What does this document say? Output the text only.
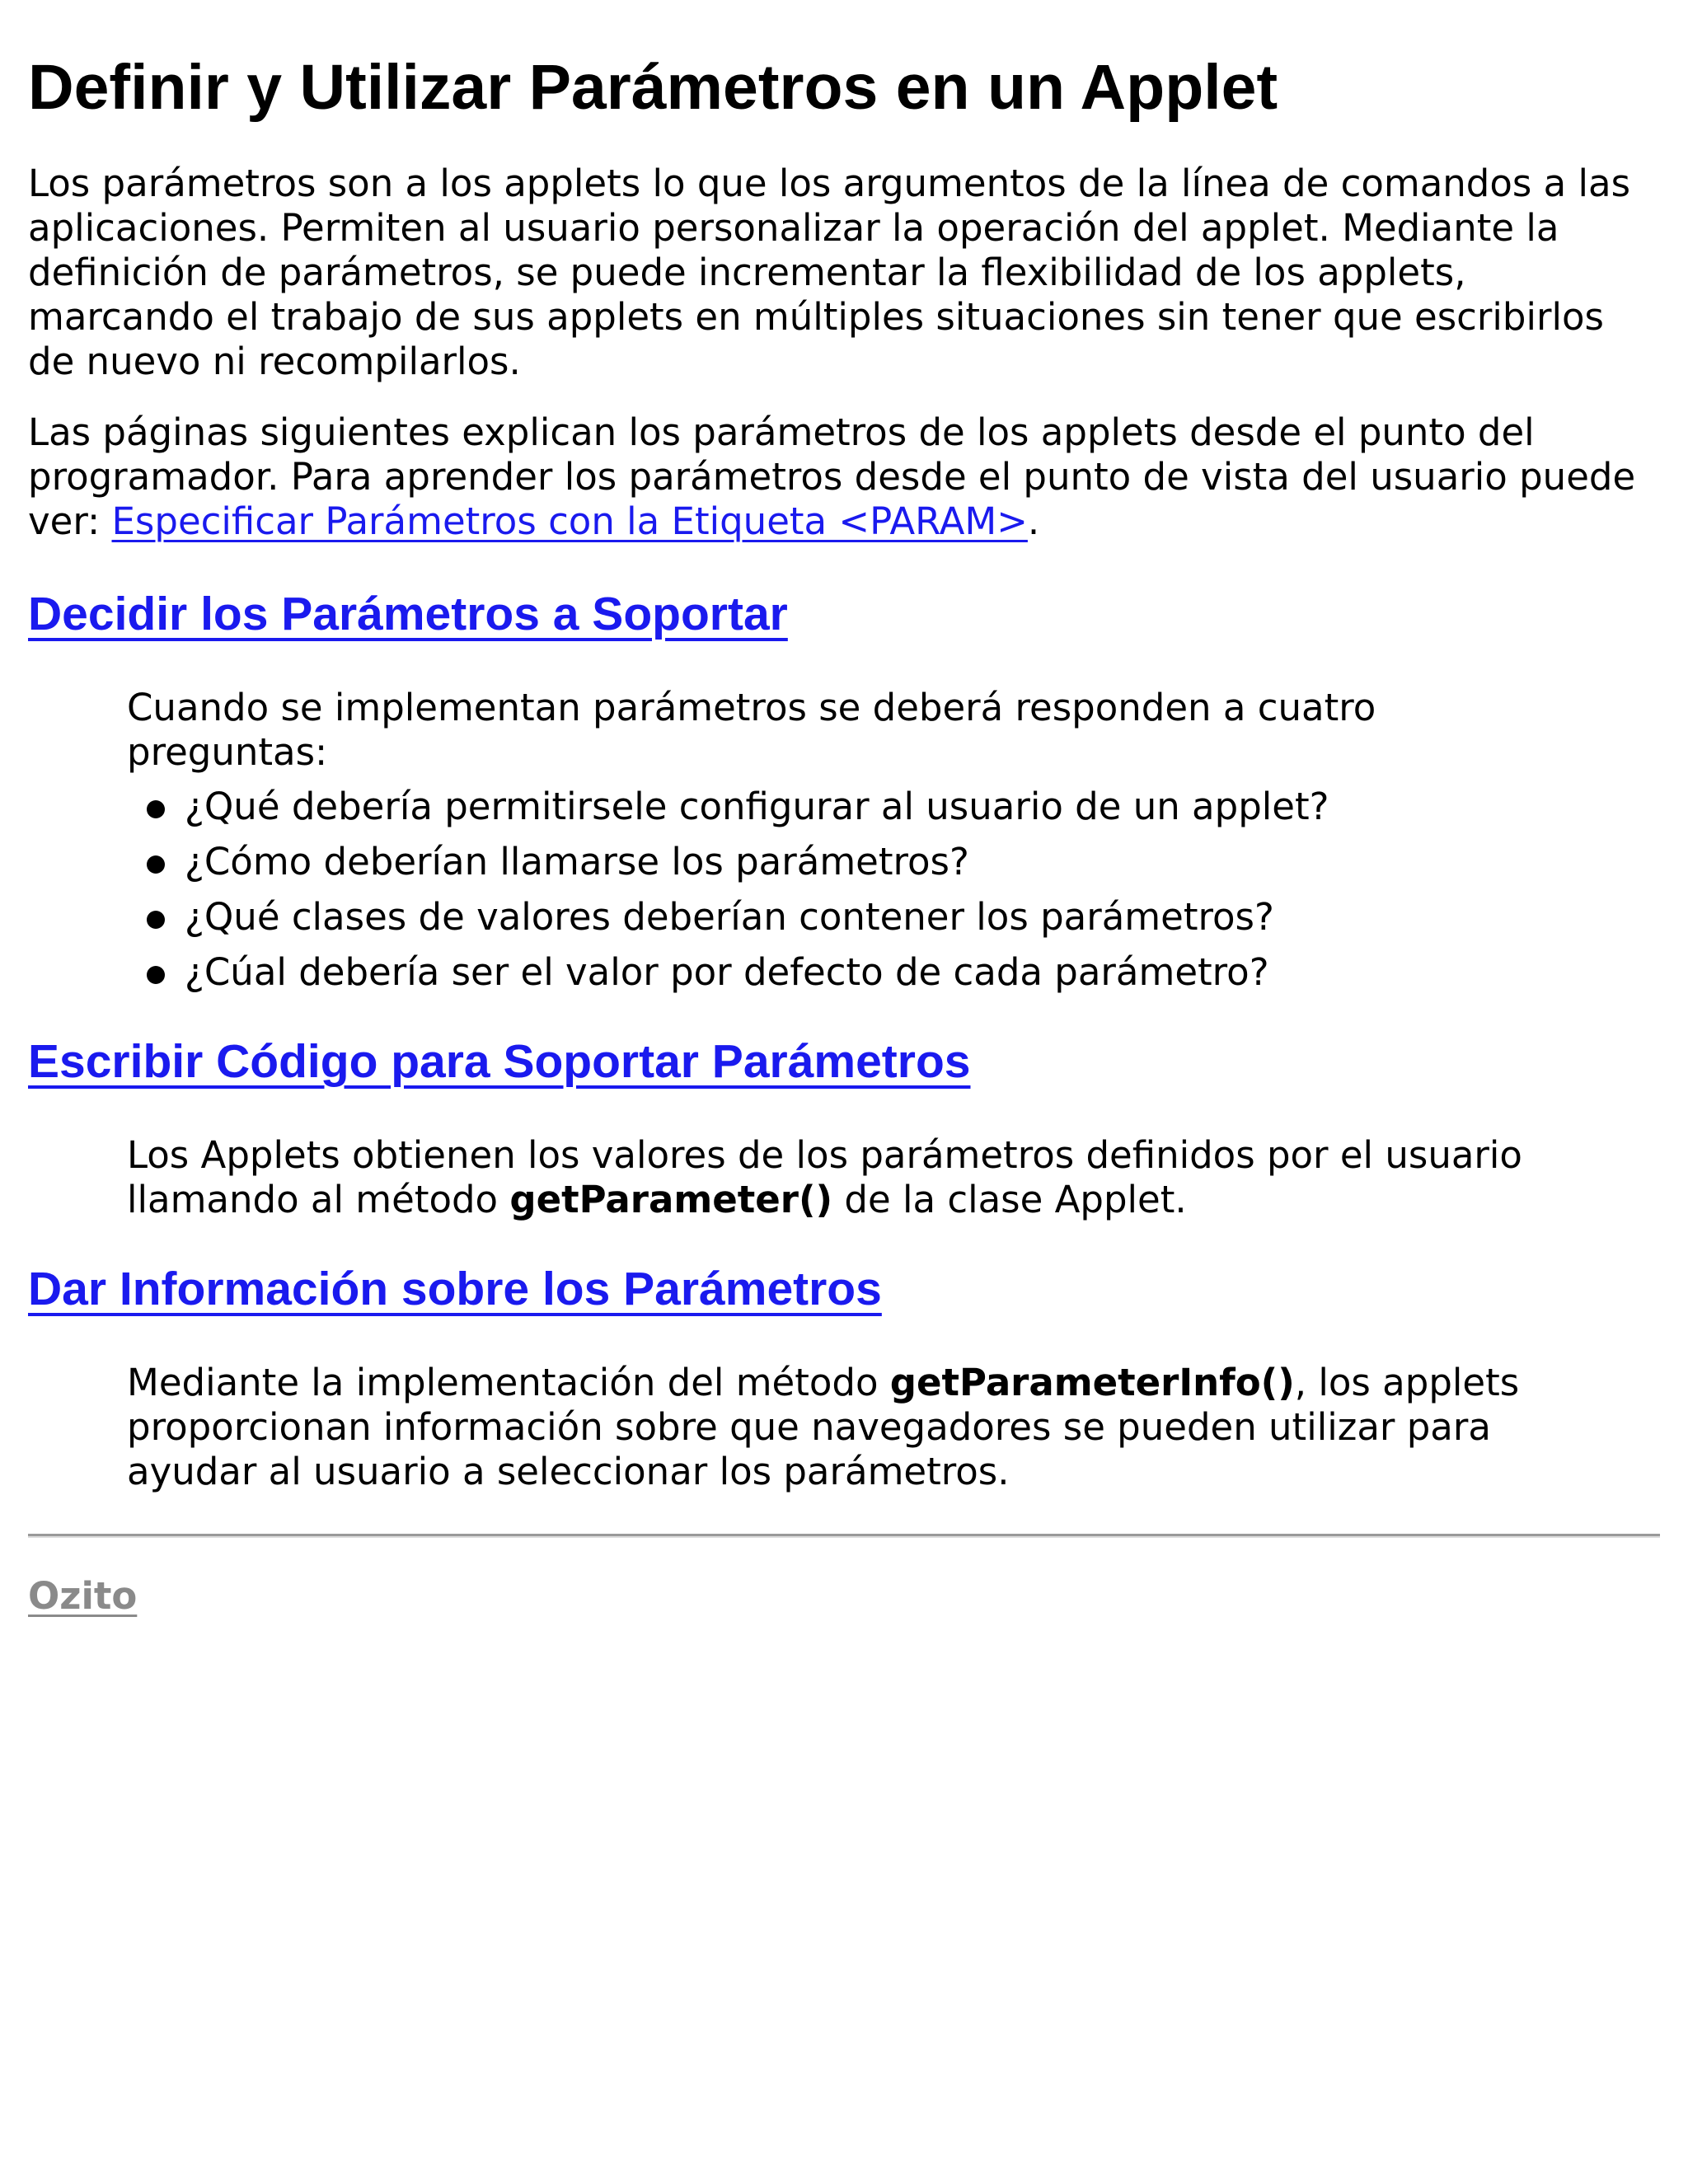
Definir y Utilizar Parámetros en un Applet

Los parámetros son a los applets lo que los argumentos de la línea de comandos a las aplicaciones. Permiten al usuario personalizar la operación del applet. Mediante la definición de parámetros, se puede incrementar la flexibilidad de los applets, marcando el trabajo de sus applets en múltiples situaciones sin tener que escribirlos de nuevo ni recompilarlos.

Las páginas siguientes explican los parámetros de los applets desde el punto del programador. Para aprender los parámetros desde el punto de vista del usuario puede ver: Especificar Parámetros con la Etiqueta <PARAM>.

Decidir los Parámetros a Soportar

Cuando se implementan parámetros se deberá responden a cuatro preguntas:

¿Qué debería permitirsele configurar al usuario de un applet?
¿Cómo deberían llamarse los parámetros?
¿Qué clases de valores deberían contener los parámetros?
¿Cúal debería ser el valor por defecto de cada parámetro?
Escribir Código para Soportar Parámetros

Los Applets obtienen los valores de los parámetros definidos por el usuario llamando al método getParameter() de la clase Applet.

Dar Información sobre los Parámetros

Mediante la implementación del método getParameterInfo(), los applets proporcionan información sobre que navegadores se pueden utilizar para ayudar al usuario a seleccionar los parámetros.

Ozito
